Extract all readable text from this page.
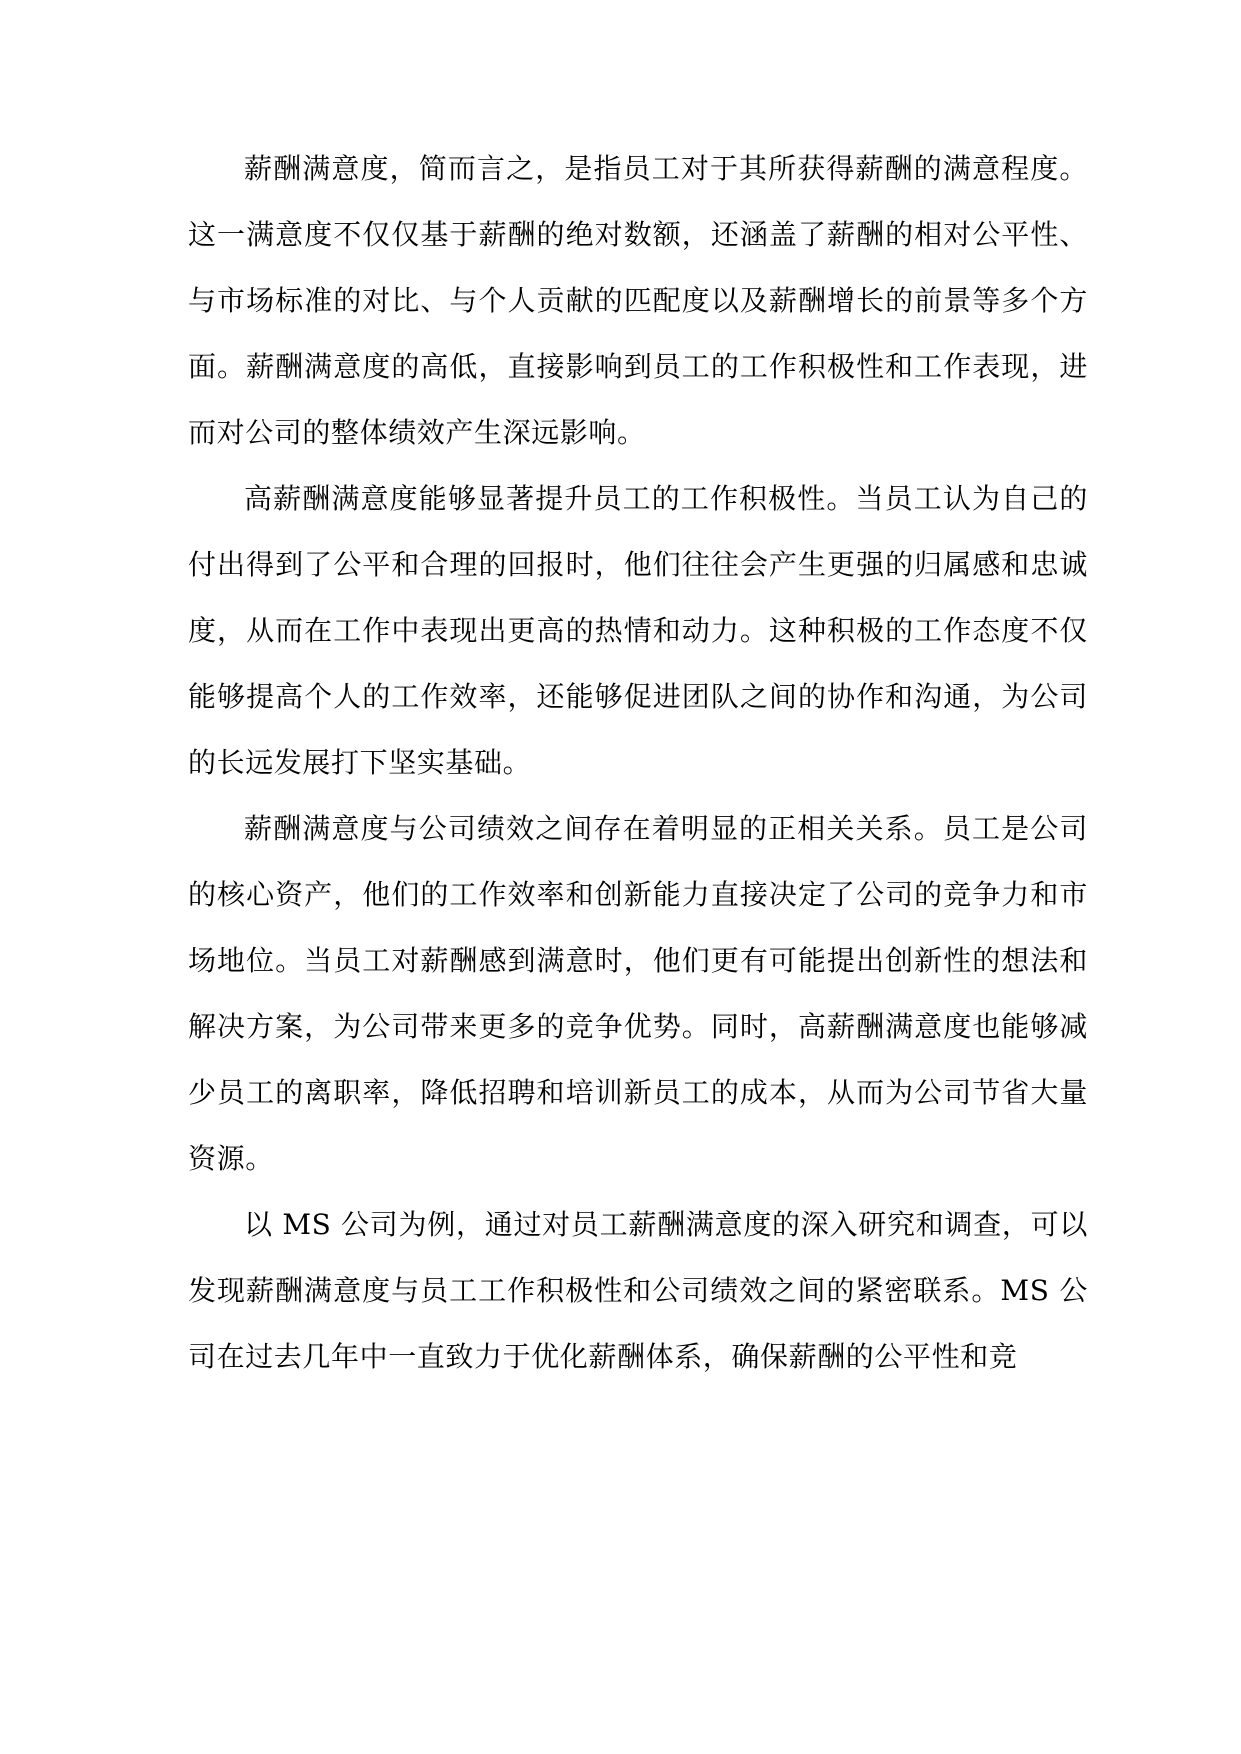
薪酬满意度，简而言之，是指员工对于其所获得薪酬的满意程度。这一满意度不仅仅基于薪酬的绝对数额，还涵盖了薪酬的相对公平性、与市场标准的对比、与个人贡献的匹配度以及薪酬增长的前景等多个方面。薪酬满意度的高低，直接影响到员工的工作积极性和工作表现，进而对公司的整体绩效产生深远影响。

高薪酬满意度能够显著提升员工的工作积极性。当员工认为自己的付出得到了公平和合理的回报时，他们往往会产生更强的归属感和忠诚度，从而在工作中表现出更高的热情和动力。这种积极的工作态度不仅能够提高个人的工作效率，还能够促进团队之间的协作和沟通，为公司的长远发展打下坚实基础。

薪酬满意度与公司绩效之间存在着明显的正相关关系。员工是公司的核心资产，他们的工作效率和创新能力直接决定了公司的竞争力和市场地位。当员工对薪酬感到满意时，他们更有可能提出创新性的想法和解决方案，为公司带来更多的竞争优势。同时，高薪酬满意度也能够减少员工的离职率，降低招聘和培训新员工的成本，从而为公司节省大量资源。

以 MS 公司为例，通过对员工薪酬满意度的深入研究和调查，可以发现薪酬满意度与员工工作积极性和公司绩效之间的紧密联系。MS 公司在过去几年中一直致力于优化薪酬体系，确保薪酬的公平性和竞
